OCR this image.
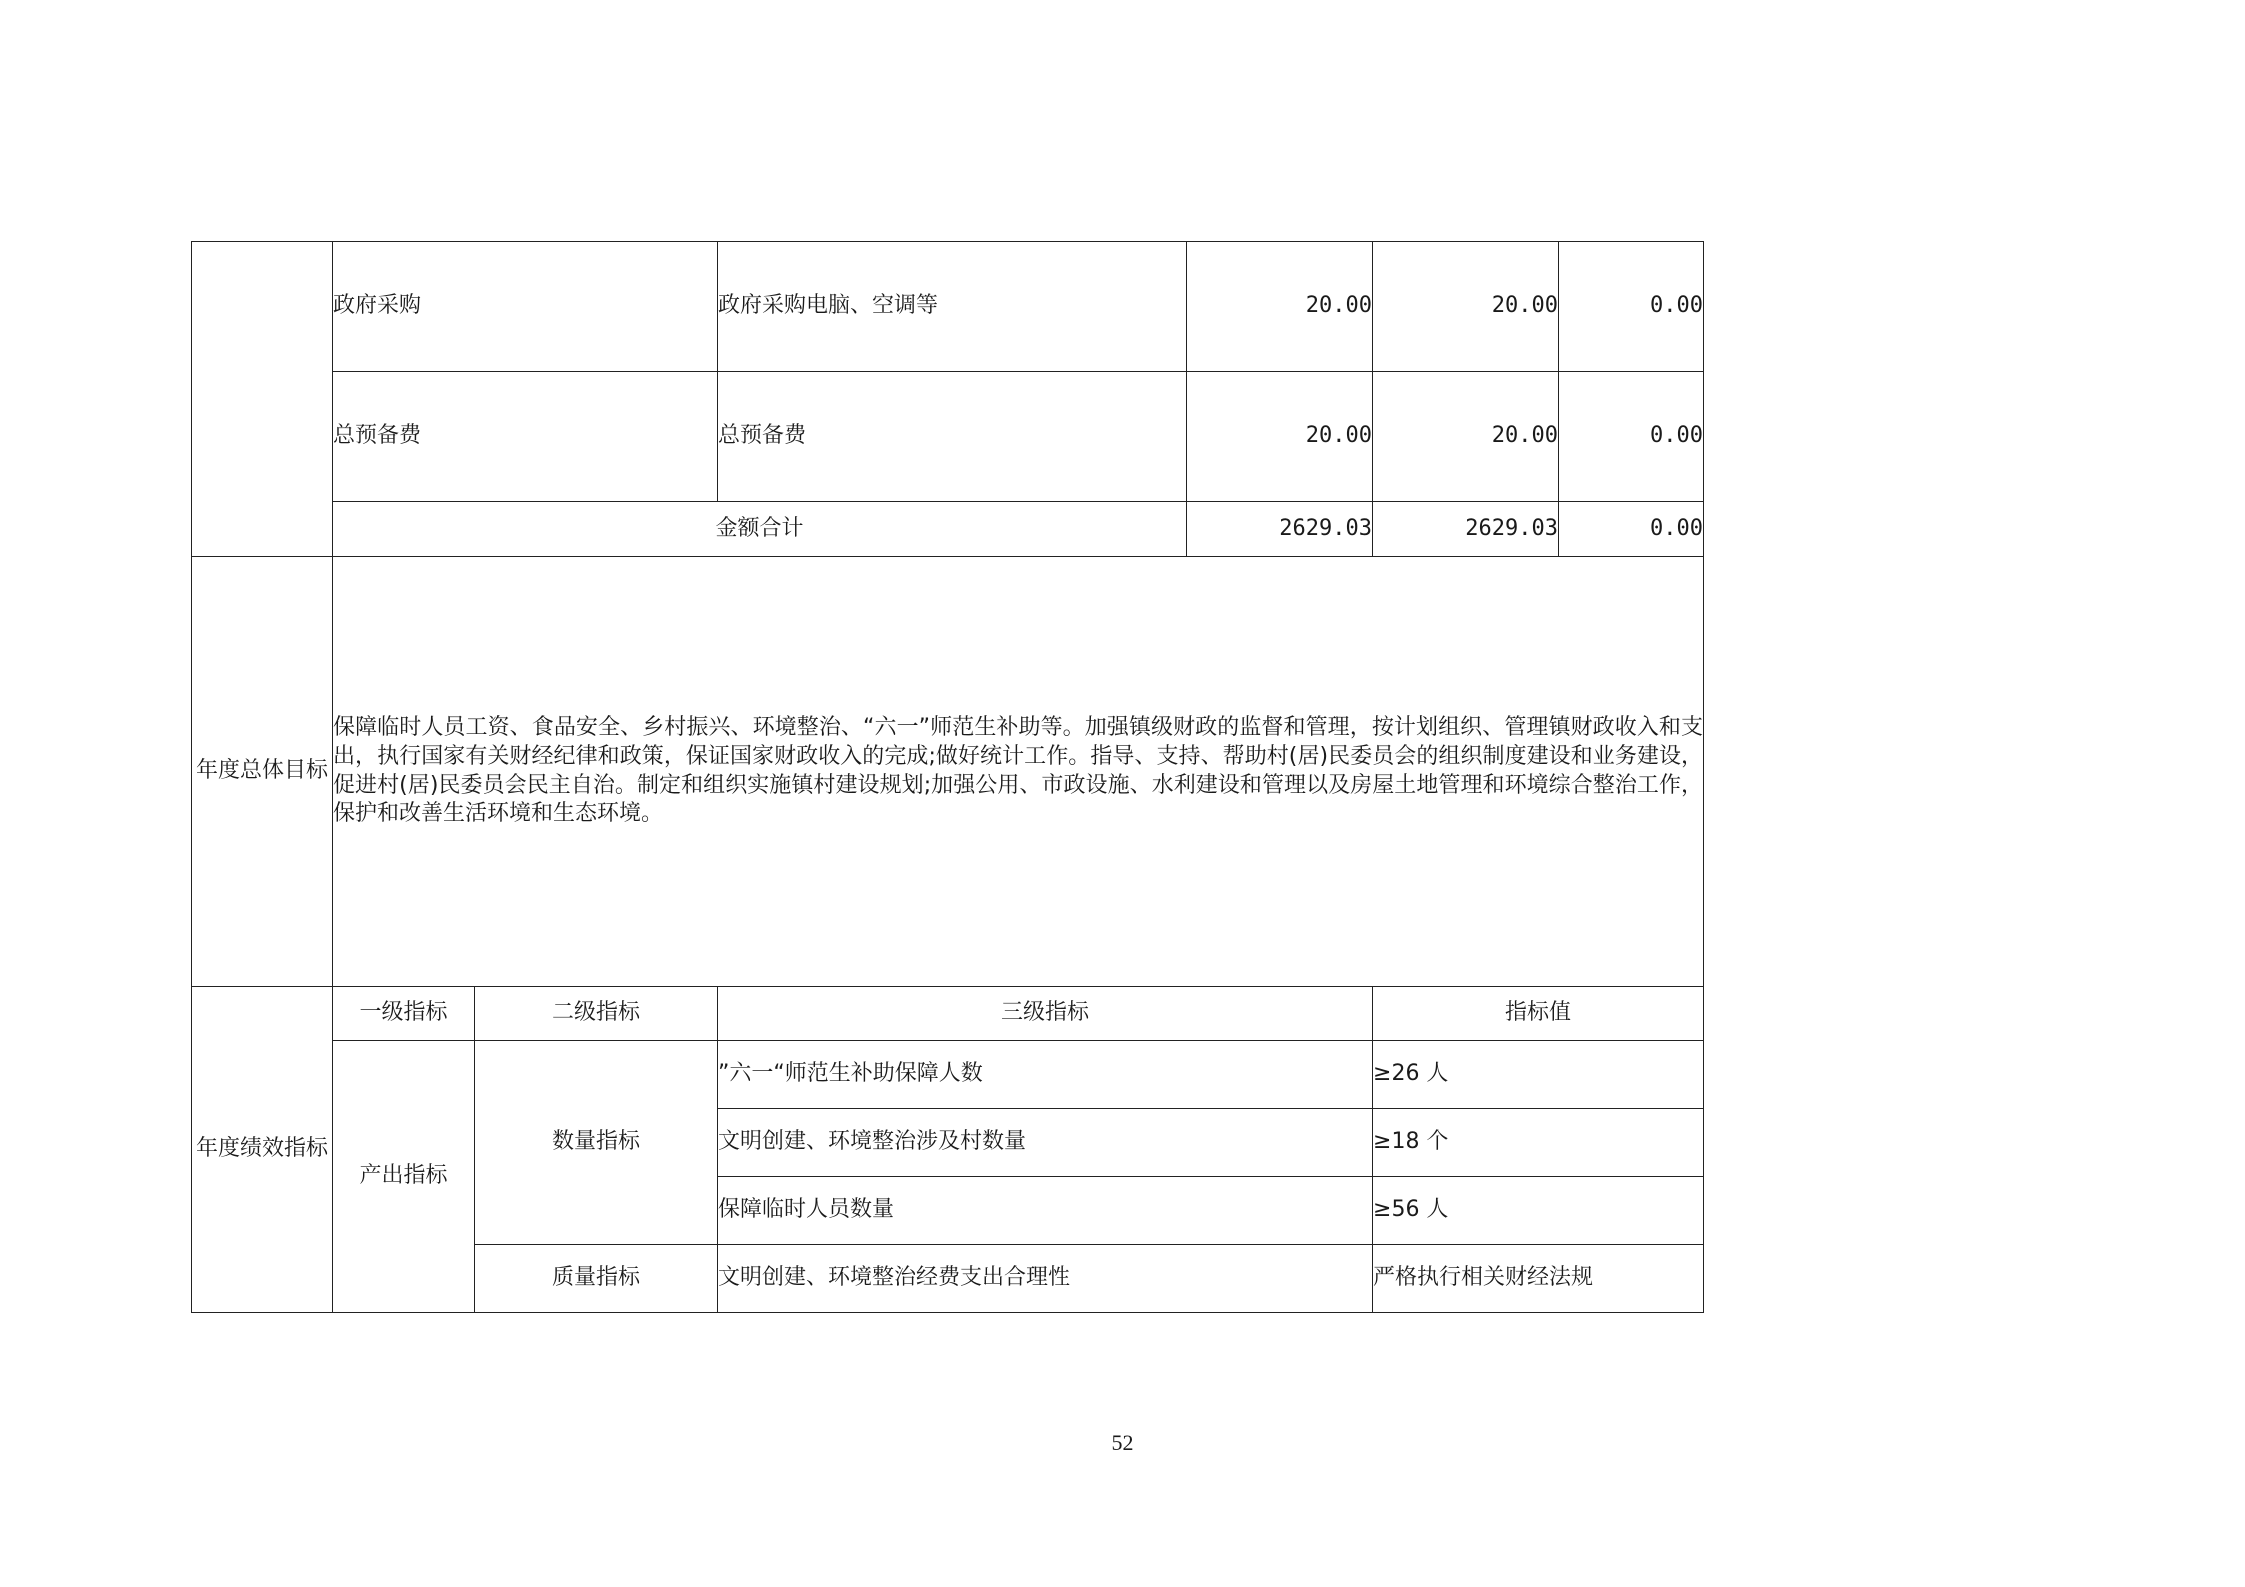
	政府采购		政府采购电脑、空调等	20.00	20.00	0.00
	总预备费		总预备费	20.00	20.00	0.00
	金额合计			2629.03	2629.03	0.00
年度总体目标	保障临时人员工资、食品安全、乡村振兴、环境整治、“六一”师范生补助等。加强镇级财政的监督和管理，按计划组织、管理镇财政收入和支出，执行国家有关财经纪律和政策，保证国家财政收入的完成;做好统计工作。指导、支持、帮助村(居)民委员会的组织制度建设和业务建设，促进村(居)民委员会民主自治。制定和组织实施镇村建设规划;加强公用、市政设施、水利建设和管理以及房屋土地管理和环境综合整治工作，保护和改善生活环境和生态环境。					
年度绩效指标	一级指标	二级指标	三级指标		指标值	
	产出指标	数量指标	”六一“师范生补助保障人数		≥26 人	
			文明创建、环境整治涉及村数量		≥18 个	
			保障临时人员数量		≥56 人	
		质量指标	文明创建、环境整治经费支出合理性		严格执行相关财经法规	
52
